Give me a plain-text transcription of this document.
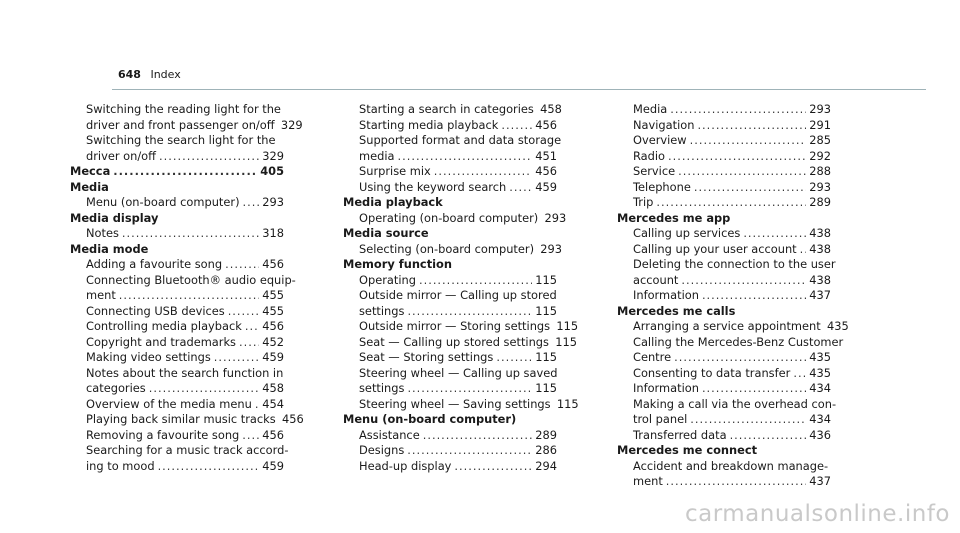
648 Index
Switching the reading light for the
driver and front passenger on/off 329
Switching the search light for the
driver on/off .....	329
Mecca .....	405
Media
Menu (on-board computer) ..... 293
Media display
Notes .....	318
Media mode
Adding a favourite song .....	456
Connecting Bluetooth® audio equip-
ment .....	455
Connecting USB devices .....	455
Controlling media playback ..... 456
Copyright and trademarks ..... 452
Making video settings .....	459
Notes about the search function in
categories .....	458
Overview of the media menu ..... 454
Playing back similar music tracks 456
Removing a favourite song ..... 456
Searching for a music track accord-
ing to mood .....	459
Starting a search in categories 458
Starting media playback .....	456
Supported format and data storage
media .....	451
Surprise mix .....	456
Using the keyword search .....	459
Media playback
Operating (on-board computer) 293
Media source
Selecting (on-board computer) 293
Memory function
Operating .....	115
Outside mirror — Calling up stored
settings .....	115
Outside mirror — Storing settings 115
Seat — Calling up stored settings 115
Seat — Storing settings .....	115
Steering wheel — Calling up saved
settings .....	115
Steering wheel — Saving settings 115
Menu (on-board computer)
Assistance .....	289
Designs .....	286
Head-up display .....	294
Media .....	293
Navigation .....	291
Overview .....	285
Radio .....	292
Service .....	288
Telephone .....	293
Trip .....	289
Mercedes me app
Calling up services .....	438
Calling up your user account ..... 438
Deleting the connection to the user
account .....	438
Information .....	437
Mercedes me calls
Arranging a service appointment 435
Calling the Mercedes-Benz Customer
Centre .....	435
Consenting to data transfer ..... 435
Information .....	434
Making a call via the overhead con-
trol panel .....	434
Transferred data .....	436
Mercedes me connect
Accident and breakdown manage-
ment .....	437
carmanualsonline.info
